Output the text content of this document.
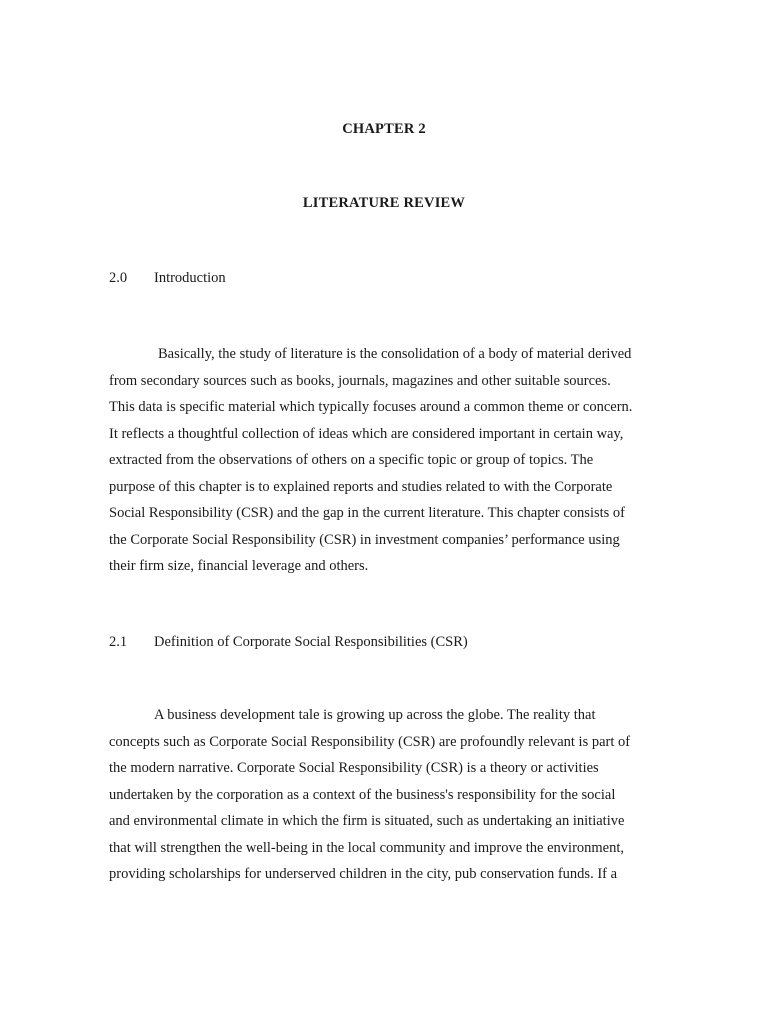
CHAPTER 2
LITERATURE REVIEW
2.0 Introduction
Basically, the study of literature is the consolidation of a body of material derived
from secondary sources such as books, journals, magazines and other suitable sources.
This data is specific material which typically focuses around a common theme or concern.
It reflects a thoughtful collection of ideas which are considered important in certain way,
extracted from the observations of others on a specific topic or group of topics. The
purpose of this chapter is to explained reports and studies related to with the Corporate
Social Responsibility (CSR) and the gap in the current literature. This chapter consists of
the Corporate Social Responsibility (CSR) in investment companies’ performance using
their firm size, financial leverage and others.
2.1 Definition of Corporate Social Responsibilities (CSR)
A business development tale is growing up across the globe. The reality that
concepts such as Corporate Social Responsibility (CSR) are profoundly relevant is part of
the modern narrative. Corporate Social Responsibility (CSR) is a theory or activities
undertaken by the corporation as a context of the business's responsibility for the social
and environmental climate in which the firm is situated, such as undertaking an initiative
that will strengthen the well-being in the local community and improve the environment,
providing scholarships for underserved children in the city, pub conservation funds. If a
